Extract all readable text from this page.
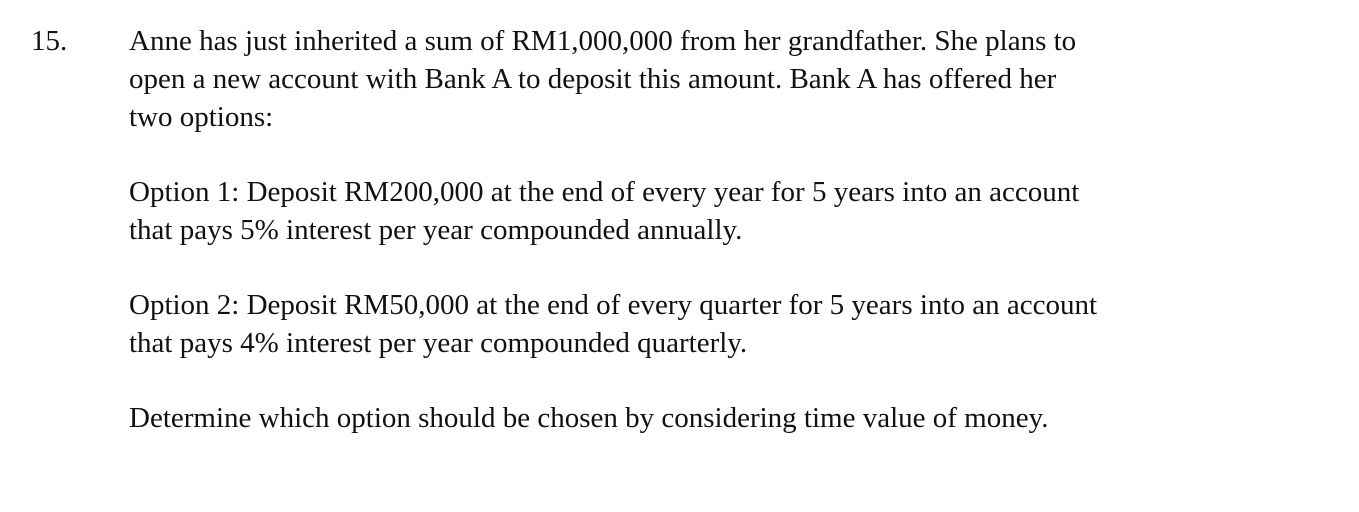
15. Anne has just inherited a sum of RM1,000,000 from her grandfather. She plans to
open a new account with Bank A to deposit this amount. Bank A has offered her
two options:

Option 1: Deposit RM200,000 at the end of every year for 5 years into an account
that pays 5% interest per year compounded annually.

Option 2: Deposit RM50,000 at the end of every quarter for 5 years into an account
that pays 4% interest per year compounded quarterly.

Determine which option should be chosen by considering time value of money.
